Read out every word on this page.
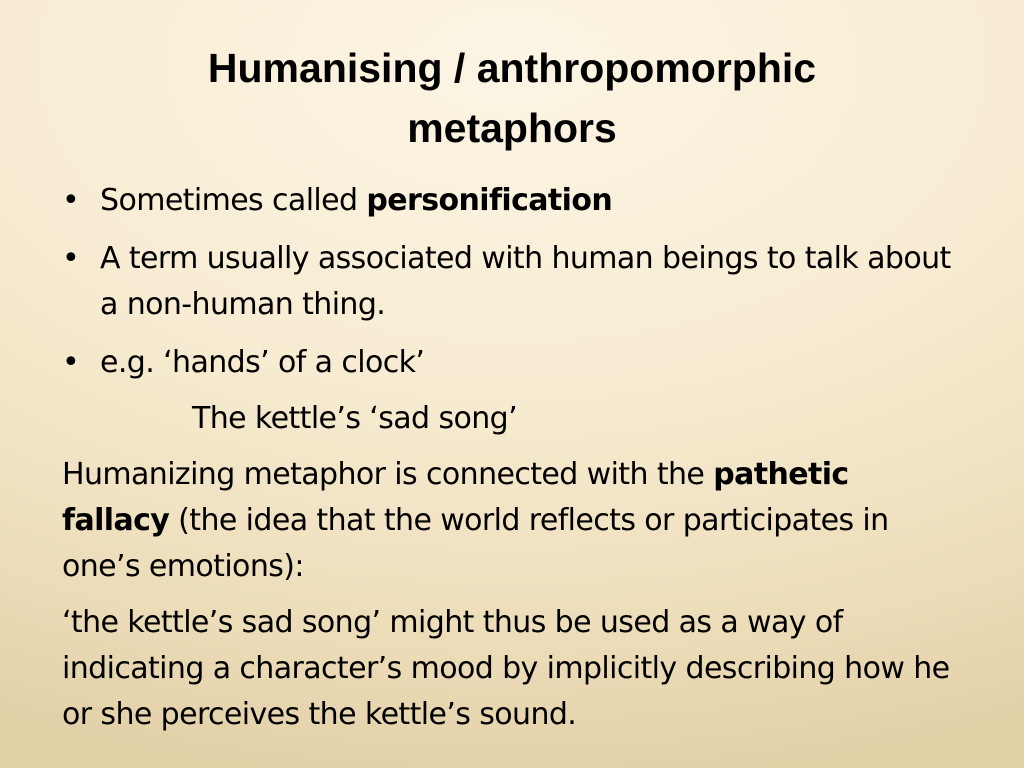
Humanising / anthropomorphic
metaphors
• Sometimes called personification
• A term usually associated with human beings to talk about a non-human thing.
• e.g. ‘hands’ of a clock’
The kettle’s ‘sad song’
Humanizing metaphor is connected with the pathetic fallacy (the idea that the world reflects or participates in one’s emotions):
‘the kettle’s sad song’ might thus be used as a way of indicating a character’s mood by implicitly describing how he or she perceives the kettle’s sound.
